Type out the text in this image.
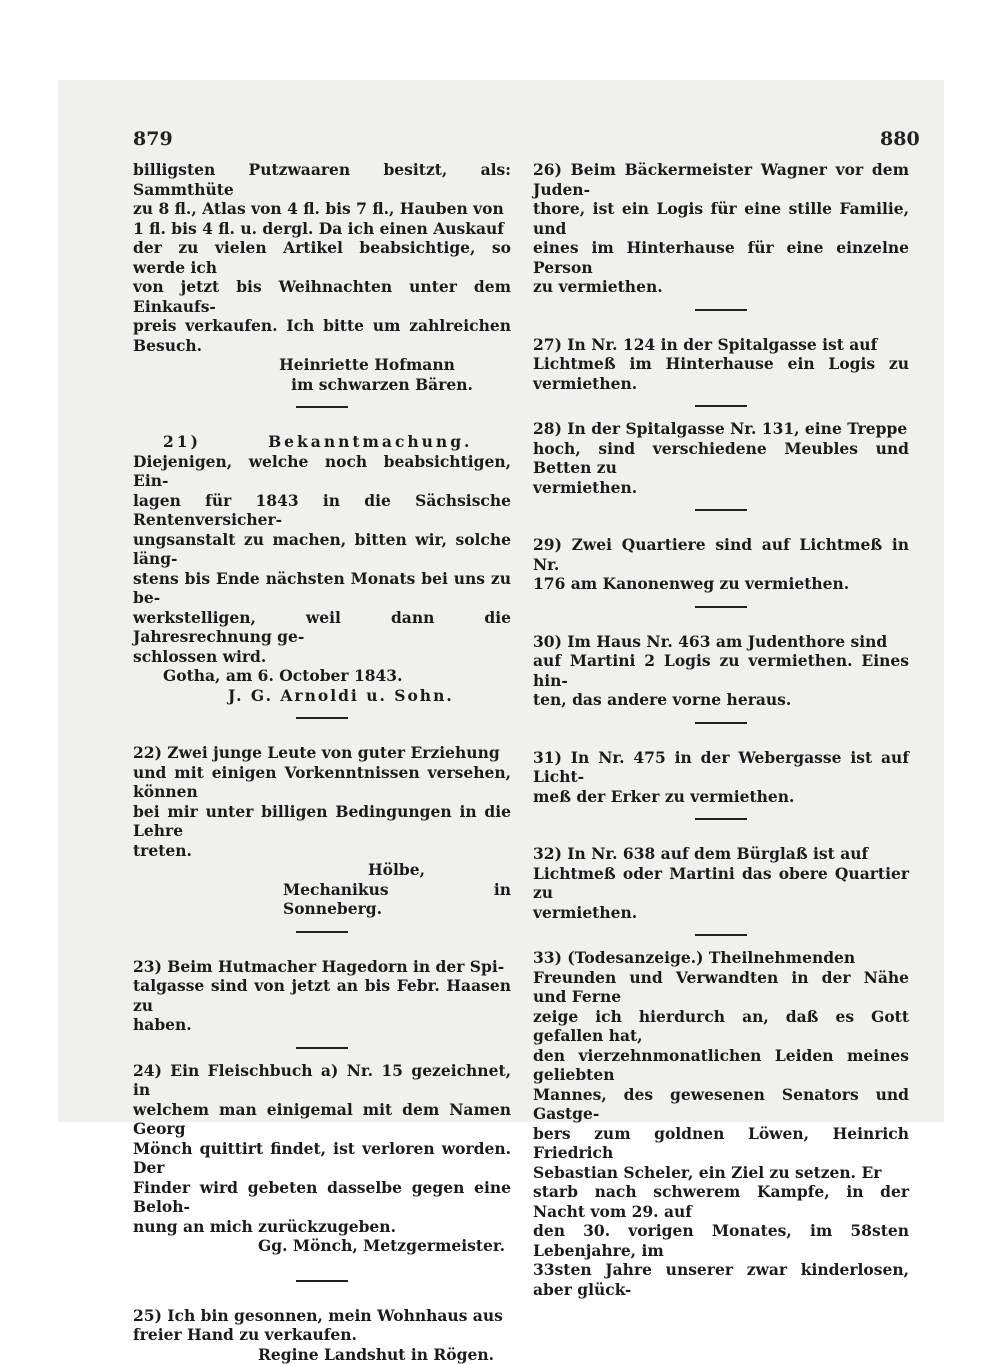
879	880

billigsten Putzwaaren besitzt, als: Sammthüte

zu 8 fl., Atlas von 4 fl. bis 7 fl., Hauben von

1 fl. bis 4 fl. u. dergl. Da ich einen Auskauf

der zu vielen Artikel beabsichtige, so werde ich

von jetzt bis Weihnachten unter dem Einkaufs-

preis verkaufen. Ich bitte um zahlreichen Besuch.

Heinriette Hofmann

im schwarzen Bären.

21)        Bekanntmachung.

Diejenigen, welche noch beabsichtigen, Ein-

lagen für 1843 in die Sächsische Rentenversicher-

ungsanstalt zu machen, bitten wir, solche läng-

stens bis Ende nächsten Monats bei uns zu be-

werkstelligen, weil dann die Jahresrechnung ge-

schlossen wird.

Gotha, am 6. October 1843.

J. G. Arnoldi u. Sohn.

22) Zwei junge Leute von guter Erziehung

und mit einigen Vorkenntnissen versehen, können

bei mir unter billigen Bedingungen in die Lehre

treten.

Hölbe,

Mechanikus in Sonneberg.

23) Beim Hutmacher Hagedorn in der Spi-

talgasse sind von jetzt an bis Febr. Haasen zu

haben.

24) Ein Fleischbuch a) Nr. 15 gezeichnet, in

welchem man einigemal mit dem Namen Georg

Mönch quittirt findet, ist verloren worden. Der

Finder wird gebeten dasselbe gegen eine Beloh-

nung an mich zurückzugeben.

Gg. Mönch, Metzgermeister.

25) Ich bin gesonnen, mein Wohnhaus aus

freier Hand zu verkaufen.

Regine Landshut in Rögen.

26) Beim Bäckermeister Wagner vor dem Juden-

thore, ist ein Logis für eine stille Familie, und

eines im Hinterhause für eine einzelne Person

zu vermiethen.

27) In Nr. 124 in der Spitalgasse ist auf

Lichtmeß im Hinterhause ein Logis zu vermiethen.

28) In der Spitalgasse Nr. 131, eine Treppe

hoch, sind verschiedene Meubles und Betten zu

vermiethen.

29) Zwei Quartiere sind auf Lichtmeß in Nr.

176 am Kanonenweg zu vermiethen.

30) Im Haus Nr. 463 am Judenthore sind

auf Martini 2 Logis zu vermiethen. Eines hin-

ten, das andere vorne heraus.

31) In Nr. 475 in der Webergasse ist auf Licht-

meß der Erker zu vermiethen.

32) In Nr. 638 auf dem Bürglaß ist auf

Lichtmeß oder Martini das obere Quartier zu

vermiethen.

33) (Todesanzeige.) Theilnehmenden

Freunden und Verwandten in der Nähe und Ferne

zeige ich hierdurch an, daß es Gott gefallen hat,

den vierzehnmonatlichen Leiden meines geliebten

Mannes, des gewesenen Senators und Gastge-

bers zum goldnen Löwen, Heinrich Friedrich

Sebastian Scheler, ein Ziel zu setzen. Er

starb nach schwerem Kampfe, in der Nacht vom 29. auf

den 30. vorigen Monates, im 58sten Lebenjahre, im

33sten Jahre unserer zwar kinderlosen, aber glück-
